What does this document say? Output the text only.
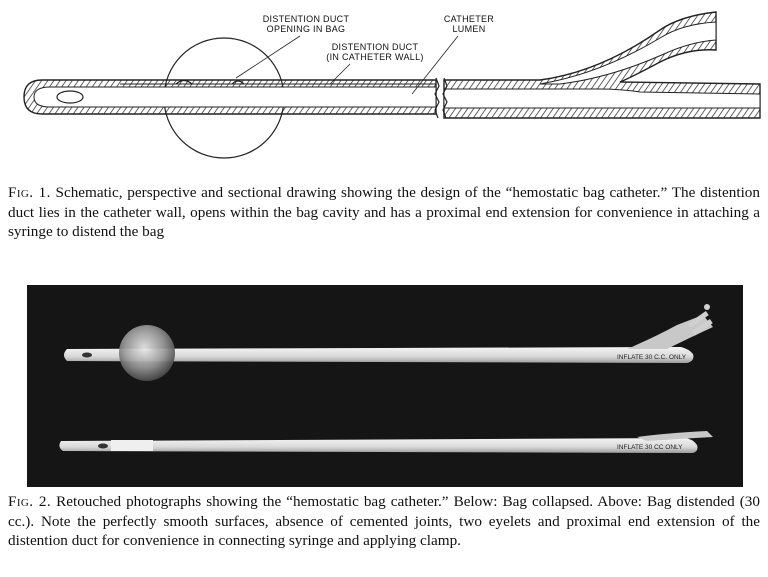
DISTENTION DUCT
OPENING IN BAG
CATHETER
LUMEN
DISTENTION DUCT
(IN CATHETER WALL)
Fig. 1. Schematic, perspective and sectional drawing showing the design of the “hemostatic bag catheter.” The distention duct lies in the catheter wall, opens within the bag cavity and has a proximal end extension for convenience in attaching a syringe to distend the bag
INFLATE 30 C.C. ONLY
INFLATE 30 CC ONLY
Fig. 2. Retouched photographs showing the “hemostatic bag catheter.” Below: Bag collapsed. Above: Bag distended (30 cc.). Note the perfectly smooth surfaces, absence of cemented joints, two eyelets and proximal end extension of the distention duct for convenience in connecting syringe and applying clamp.
